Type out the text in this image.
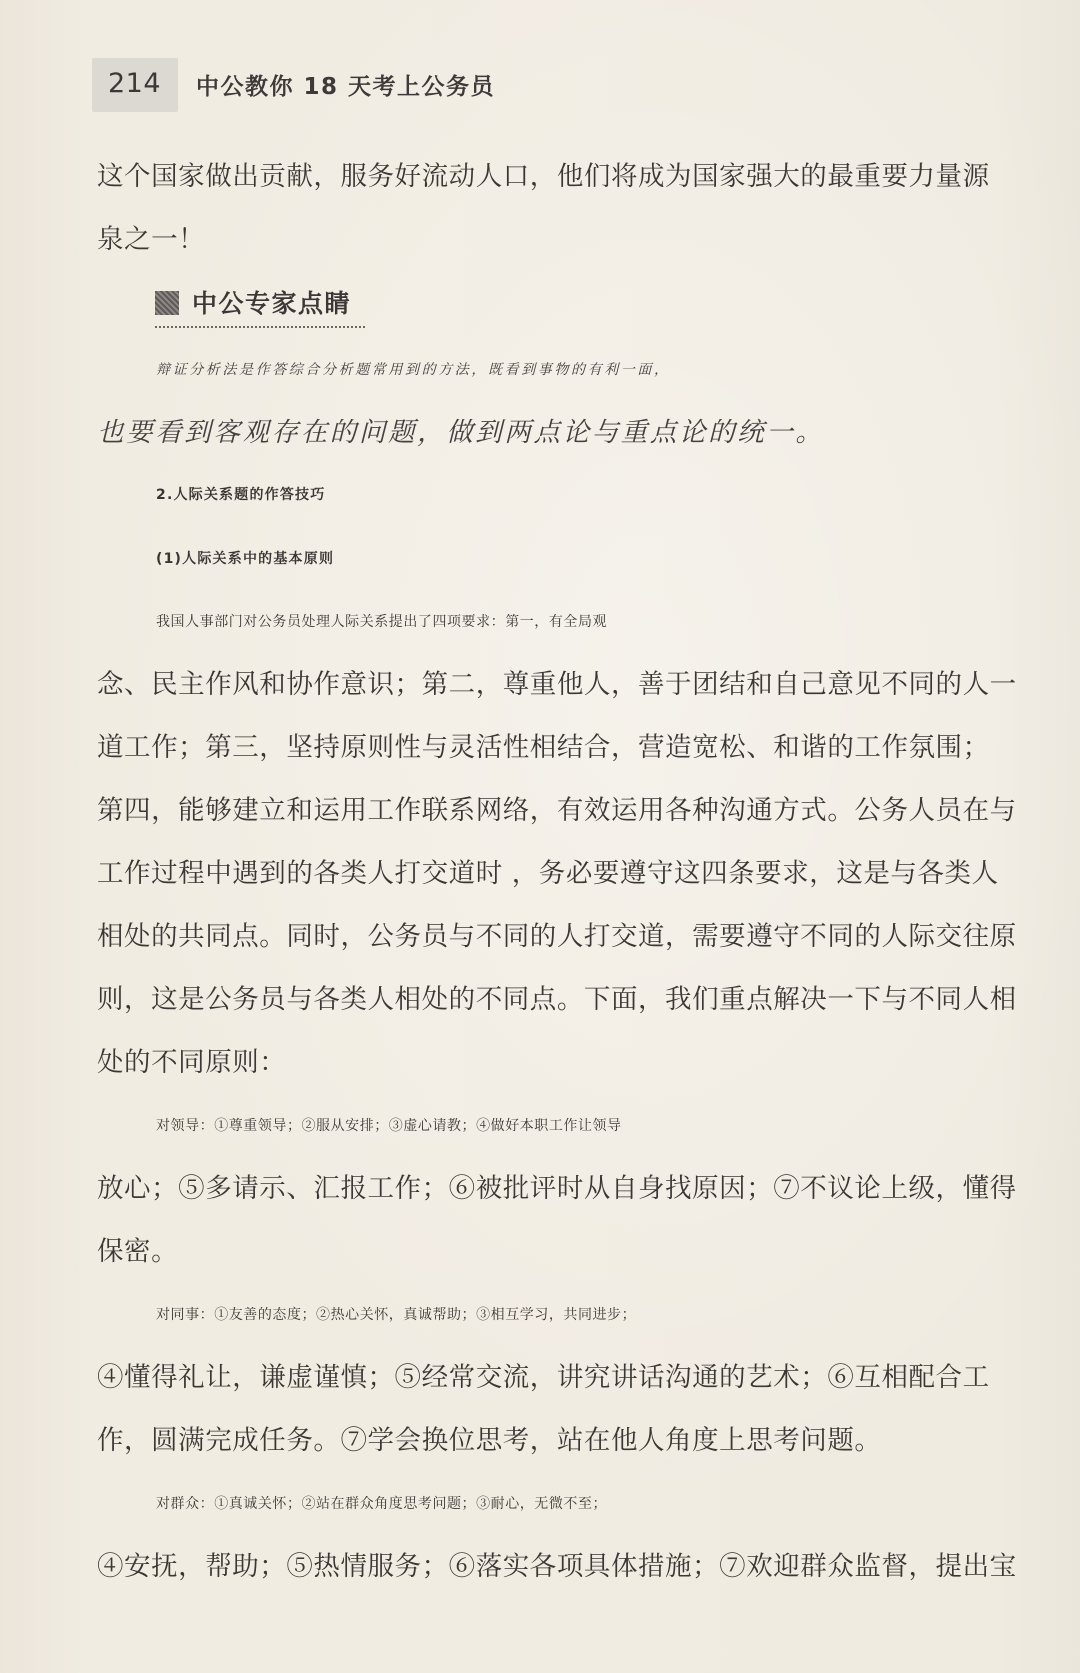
214 中公教你 18 天考上公务员
这个国家做出贡献，服务好流动人口，他们将成为国家强大的最重要力量源
泉之一！
中公专家点睛
辩证分析法是作答综合分析题常用到的方法，既看到事物的有利一面，
也要看到客观存在的问题，做到两点论与重点论的统一。
2.人际关系题的作答技巧
(1)人际关系中的基本原则
我国人事部门对公务员处理人际关系提出了四项要求：第一，有全局观
念、民主作风和协作意识；第二，尊重他人，善于团结和自己意见不同的人一
道工作；第三，坚持原则性与灵活性相结合，营造宽松、和谐的工作氛围；
第四，能够建立和运用工作联系网络，有效运用各种沟通方式。公务人员在与
工作过程中遇到的各类人打交道时 ，务必要遵守这四条要求，这是与各类人
相处的共同点。同时，公务员与不同的人打交道，需要遵守不同的人际交往原
则，这是公务员与各类人相处的不同点。下面，我们重点解决一下与不同人相
处的不同原则：
对领导：①尊重领导；②服从安排；③虚心请教；④做好本职工作让领导
放心；⑤多请示、汇报工作；⑥被批评时从自身找原因；⑦不议论上级，懂得
保密。
对同事：①友善的态度；②热心关怀，真诚帮助；③相互学习，共同进步；
④懂得礼让，谦虚谨慎；⑤经常交流，讲究讲话沟通的艺术；⑥互相配合工
作，圆满完成任务。⑦学会换位思考，站在他人角度上思考问题。
对群众：①真诚关怀；②站在群众角度思考问题；③耐心，无微不至；
④安抚，帮助；⑤热情服务；⑥落实各项具体措施；⑦欢迎群众监督，提出宝
